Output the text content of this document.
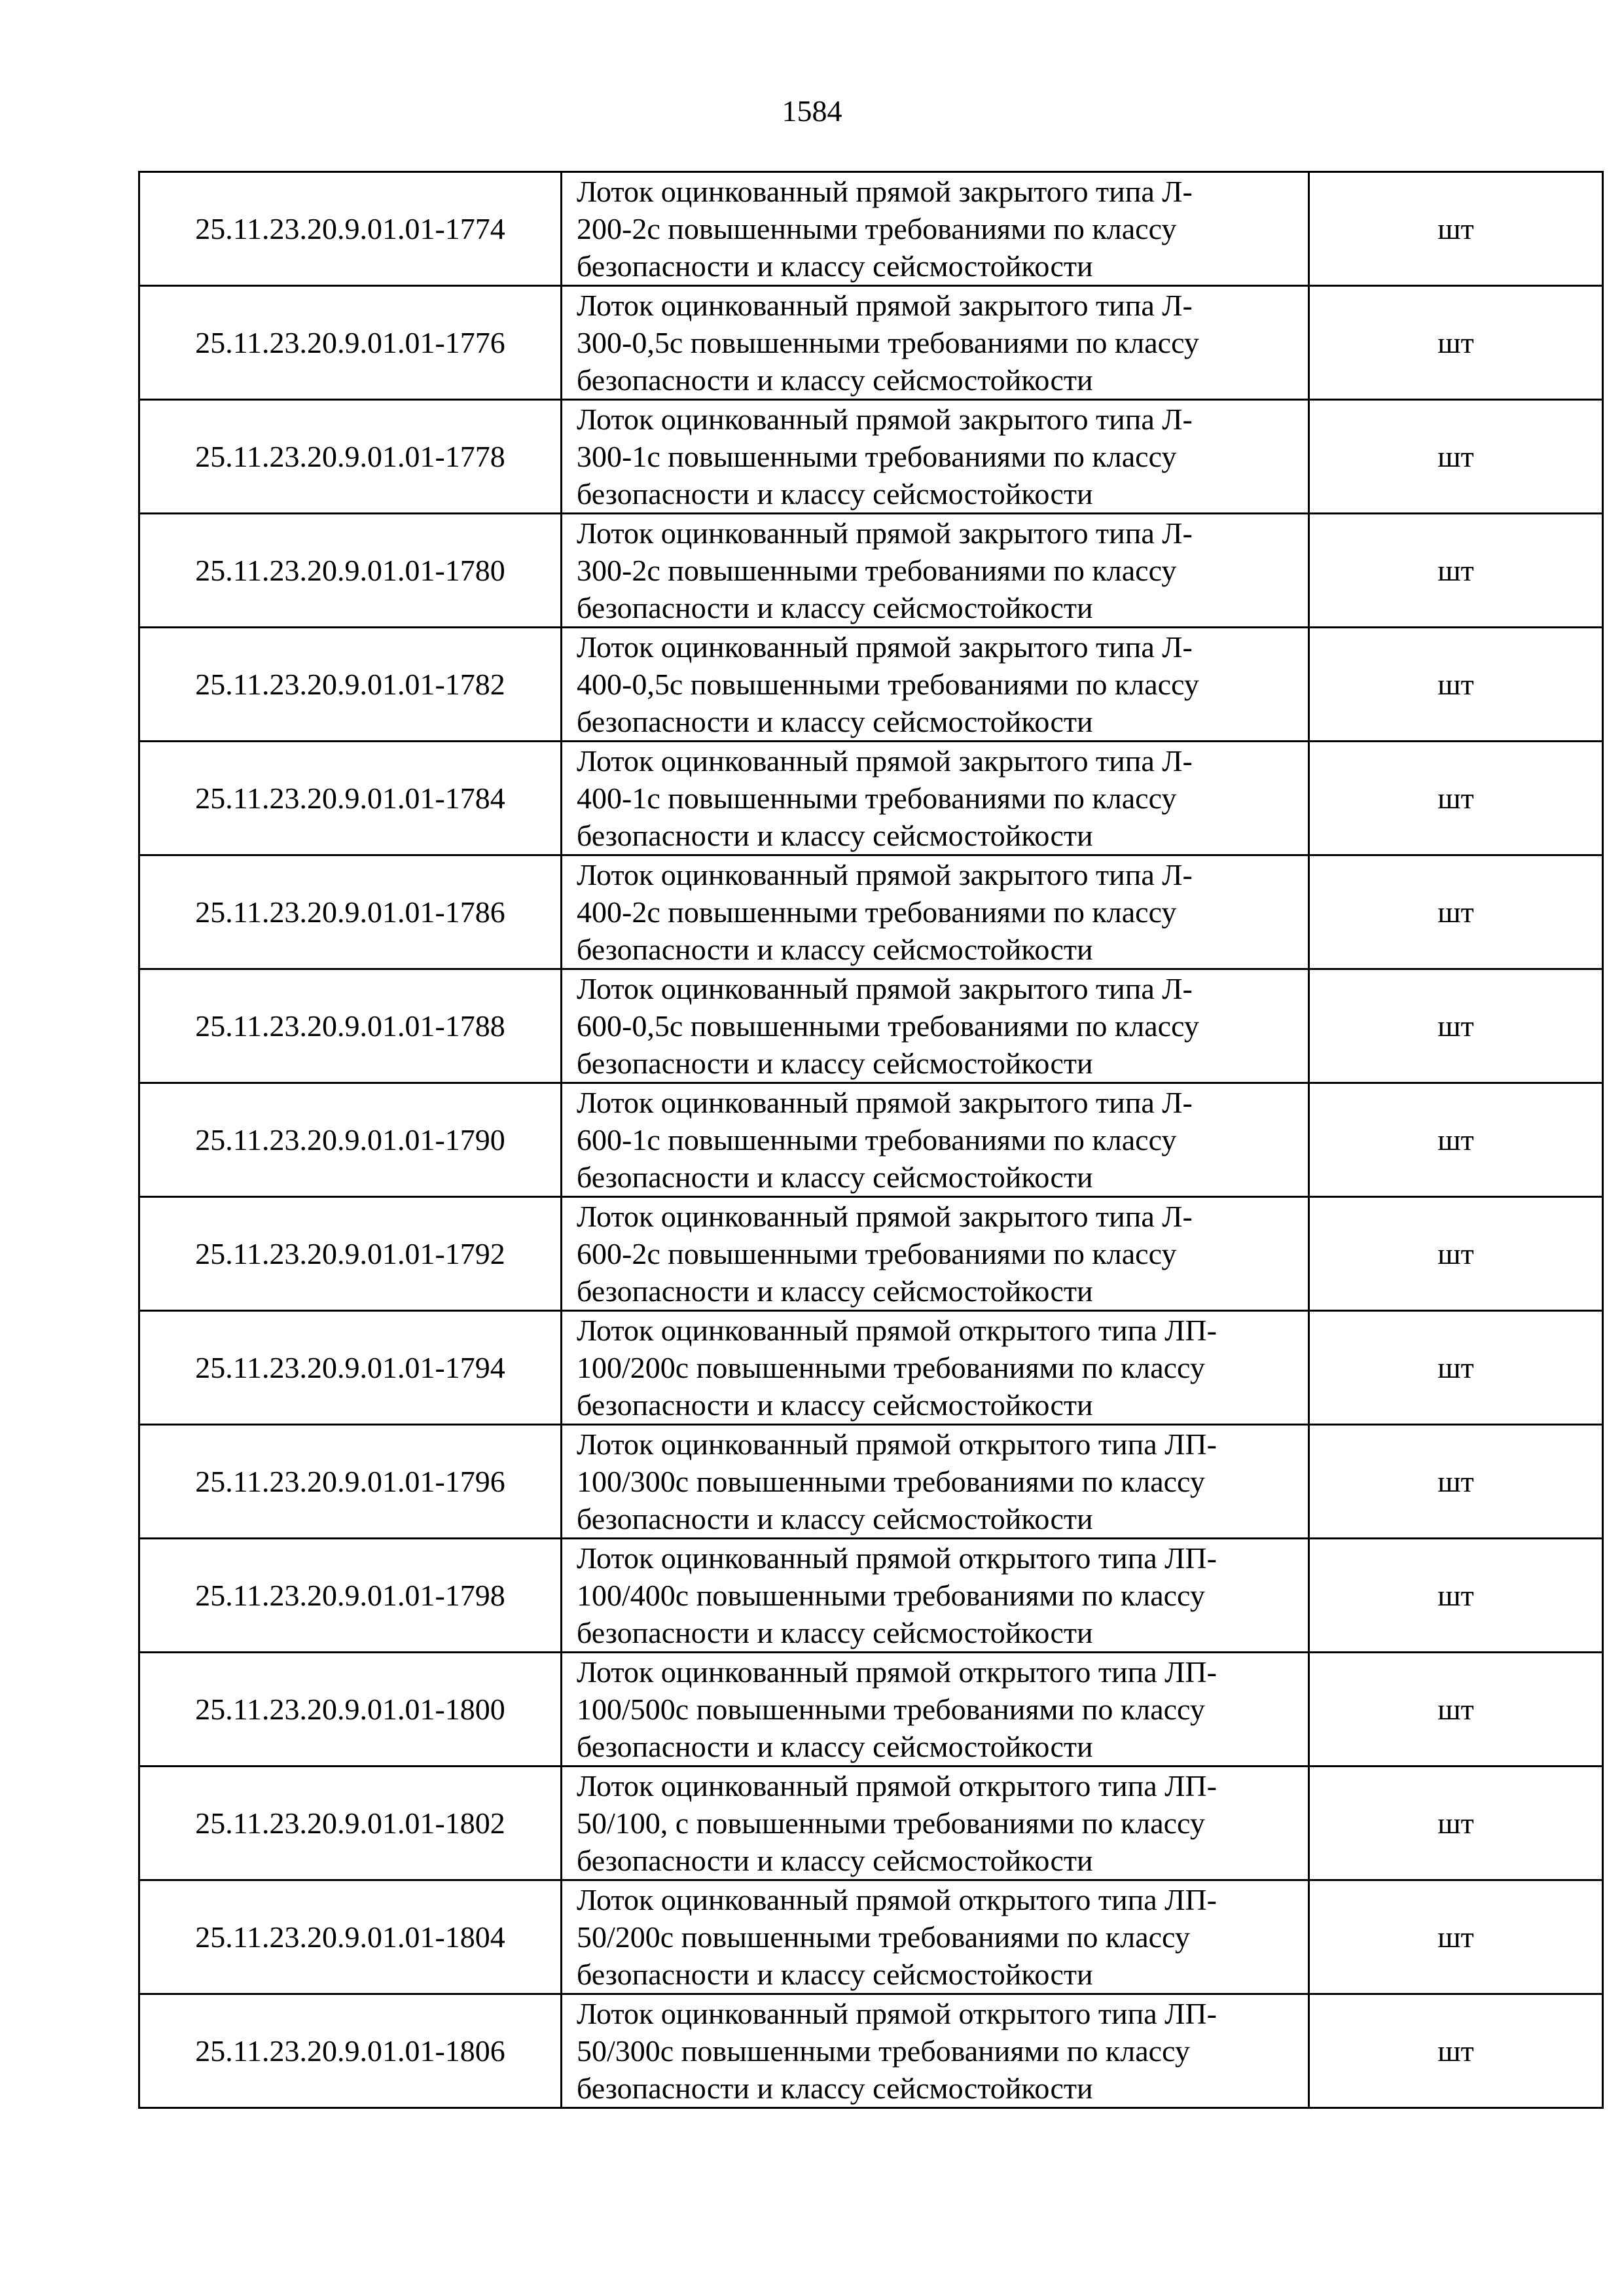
1584
25.11.23.20.9.01.01-1774	Лоток оцинкованный прямой закрытого типа Л-
200-2с повышенными требованиями по классу
безопасности и классу сейсмостойкости	шт
25.11.23.20.9.01.01-1776	Лоток оцинкованный прямой закрытого типа Л-
300-0,5с повышенными требованиями по классу
безопасности и классу сейсмостойкости	шт
25.11.23.20.9.01.01-1778	Лоток оцинкованный прямой закрытого типа Л-
300-1с повышенными требованиями по классу
безопасности и классу сейсмостойкости	шт
25.11.23.20.9.01.01-1780	Лоток оцинкованный прямой закрытого типа Л-
300-2с повышенными требованиями по классу
безопасности и классу сейсмостойкости	шт
25.11.23.20.9.01.01-1782	Лоток оцинкованный прямой закрытого типа Л-
400-0,5с повышенными требованиями по классу
безопасности и классу сейсмостойкости	шт
25.11.23.20.9.01.01-1784	Лоток оцинкованный прямой закрытого типа Л-
400-1с повышенными требованиями по классу
безопасности и классу сейсмостойкости	шт
25.11.23.20.9.01.01-1786	Лоток оцинкованный прямой закрытого типа Л-
400-2с повышенными требованиями по классу
безопасности и классу сейсмостойкости	шт
25.11.23.20.9.01.01-1788	Лоток оцинкованный прямой закрытого типа Л-
600-0,5с повышенными требованиями по классу
безопасности и классу сейсмостойкости	шт
25.11.23.20.9.01.01-1790	Лоток оцинкованный прямой закрытого типа Л-
600-1с повышенными требованиями по классу
безопасности и классу сейсмостойкости	шт
25.11.23.20.9.01.01-1792	Лоток оцинкованный прямой закрытого типа Л-
600-2с повышенными требованиями по классу
безопасности и классу сейсмостойкости	шт
25.11.23.20.9.01.01-1794	Лоток оцинкованный прямой открытого типа ЛП-
100/200с повышенными требованиями по классу
безопасности и классу сейсмостойкости	шт
25.11.23.20.9.01.01-1796	Лоток оцинкованный прямой открытого типа ЛП-
100/300с повышенными требованиями по классу
безопасности и классу сейсмостойкости	шт
25.11.23.20.9.01.01-1798	Лоток оцинкованный прямой открытого типа ЛП-
100/400с повышенными требованиями по классу
безопасности и классу сейсмостойкости	шт
25.11.23.20.9.01.01-1800	Лоток оцинкованный прямой открытого типа ЛП-
100/500с повышенными требованиями по классу
безопасности и классу сейсмостойкости	шт
25.11.23.20.9.01.01-1802	Лоток оцинкованный прямой открытого типа ЛП-
50/100, с повышенными требованиями по классу
безопасности и классу сейсмостойкости	шт
25.11.23.20.9.01.01-1804	Лоток оцинкованный прямой открытого типа ЛП-
50/200с повышенными требованиями по классу
безопасности и классу сейсмостойкости	шт
25.11.23.20.9.01.01-1806	Лоток оцинкованный прямой открытого типа ЛП-
50/300с повышенными требованиями по классу
безопасности и классу сейсмостойкости	шт
